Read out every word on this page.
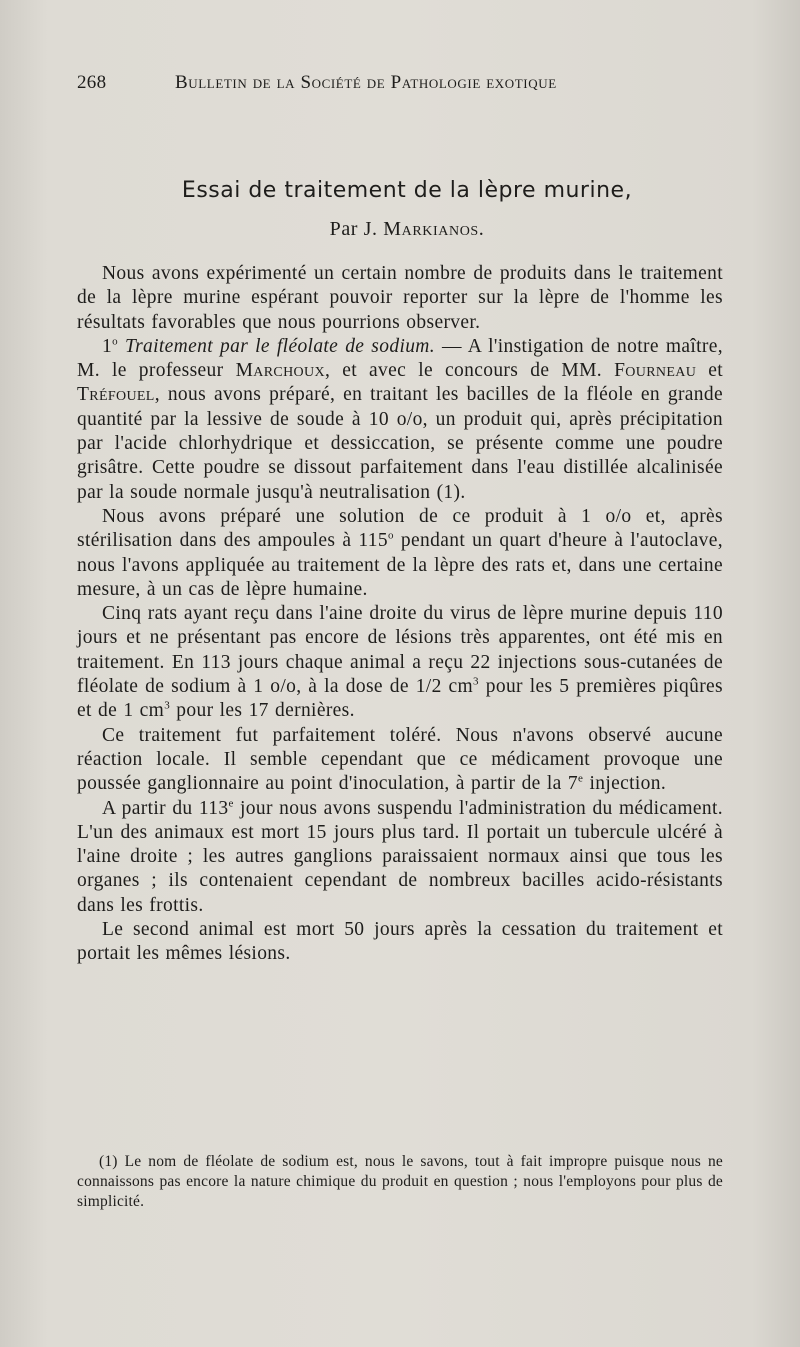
268	Bulletin de la Société de Pathologie exotique
Essai de traitement de la lèpre murine,
Par J. Markianos.

Nous avons expérimenté un certain nombre de produits dans le traitement de la lèpre murine espérant pouvoir reporter sur la lèpre de l'homme les résultats favorables que nous pourrions observer.

1$^o$ Traitement par le fléolate de sodium. — A l'instigation de notre maître, M. le professeur Marchoux, et avec le concours de MM. Fourneau et Tréfouel, nous avons préparé, en traitant les bacilles de la fléole en grande quantité par la lessive de soude à 10 o/o, un produit qui, après précipitation par l'acide chlorhydrique et dessiccation, se présente comme une poudre grisâtre. Cette poudre se dissout parfaitement dans l'eau distillée alcalinisée par la soude normale jusqu'à neutralisation (1).

Nous avons préparé une solution de ce produit à 1 o/o et, après stérilisation dans des ampoules à 115$^o$ pendant un quart d'heure à l'autoclave, nous l'avons appliquée au traitement de la lèpre des rats et, dans une certaine mesure, à un cas de lèpre humaine.

Cinq rats ayant reçu dans l'aine droite du virus de lèpre murine depuis 110 jours et ne présentant pas encore de lésions très apparentes, ont été mis en traitement. En 113 jours chaque animal a reçu 22 injections sous-cutanées de fléolate de sodium à 1 o/o, à la dose de 1/2 $cm^3$ pour les 5 premières piqûres et de 1 $cm^3$ pour les 17 dernières.

Ce traitement fut parfaitement toléré. Nous n'avons observé aucune réaction locale. Il semble cependant que ce médicament provoque une poussée ganglionnaire au point d'inoculation, à partir de la 7e injection.

A partir du 113e jour nous avons suspendu l'administration du médicament. L'un des animaux est mort 15 jours plus tard. Il portait un tubercule ulcéré à l'aine droite ; les autres ganglions paraissaient normaux ainsi que tous les organes ; ils contenaient cependant de nombreux bacilles acido-résistants dans les frottis.

Le second animal est mort 50 jours après la cessation du traitement et portait les mêmes lésions.

(1) Le nom de fléolate de sodium est, nous le savons, tout à fait impropre puisque nous ne connaissons pas encore la nature chimique du produit en question ; nous l'employons pour plus de simplicité.
